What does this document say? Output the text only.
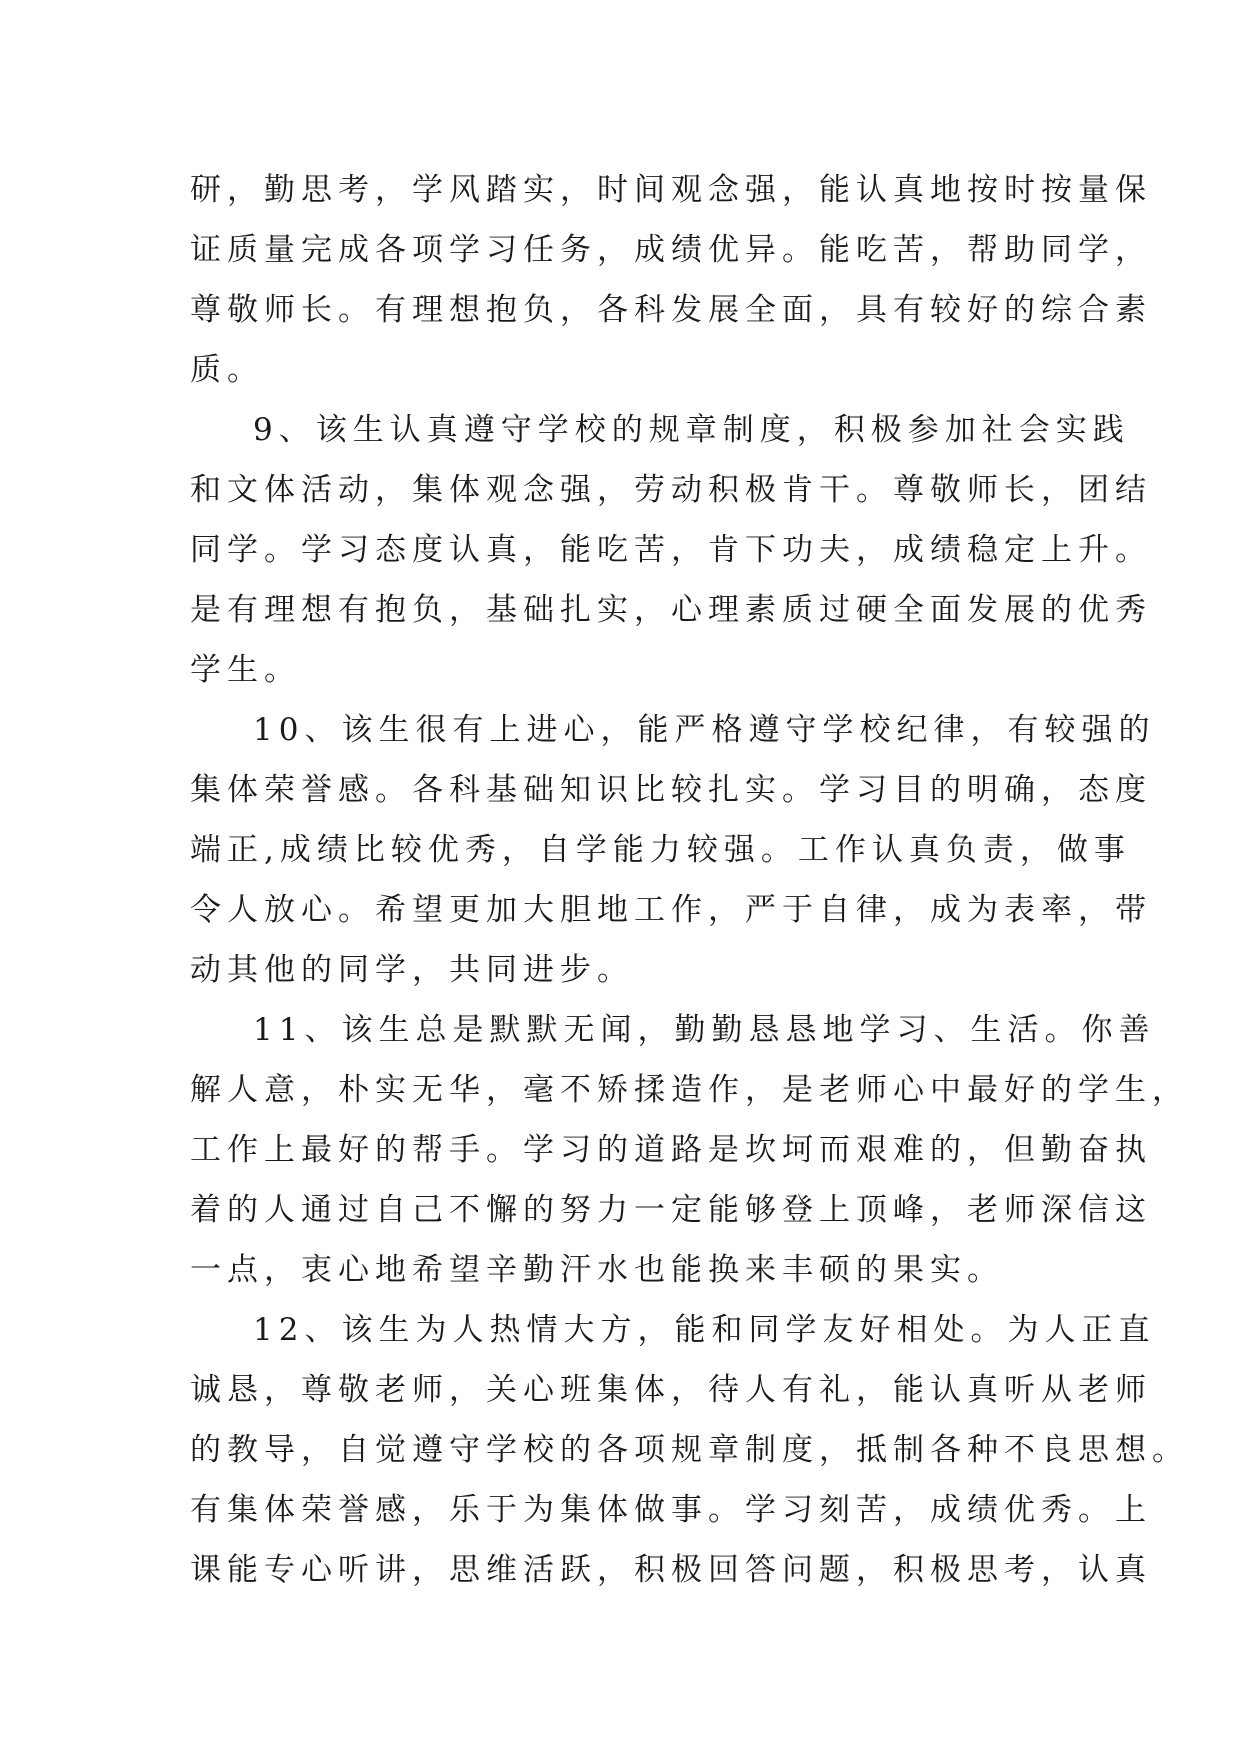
研，勤思考，学风踏实，时间观念强，能认真地按时按量保
证质量完成各项学习任务，成绩优异。能吃苦，帮助同学，
尊敬师长。有理想抱负，各科发展全面，具有较好的综合素
质。
9、该生认真遵守学校的规章制度，积极参加社会实践
和文体活动，集体观念强，劳动积极肯干。尊敬师长，团结
同学。学习态度认真，能吃苦，肯下功夫，成绩稳定上升。
是有理想有抱负，基础扎实，心理素质过硬全面发展的优秀
学生。
10、该生很有上进心，能严格遵守学校纪律，有较强的
集体荣誉感。各科基础知识比较扎实。学习目的明确，态度
端正,成绩比较优秀，自学能力较强。工作认真负责，做事
令人放心。希望更加大胆地工作，严于自律，成为表率，带
动其他的同学，共同进步。
11、该生总是默默无闻，勤勤恳恳地学习、生活。你善
解人意，朴实无华，毫不矫揉造作，是老师心中最好的学生，
工作上最好的帮手。学习的道路是坎坷而艰难的，但勤奋执
着的人通过自己不懈的努力一定能够登上顶峰，老师深信这
一点，衷心地希望辛勤汗水也能换来丰硕的果实。
12、该生为人热情大方，能和同学友好相处。为人正直
诚恳，尊敬老师，关心班集体，待人有礼，能认真听从老师
的教导，自觉遵守学校的各项规章制度，抵制各种不良思想。
有集体荣誉感，乐于为集体做事。学习刻苦，成绩优秀。上
课能专心听讲，思维活跃，积极回答问题，积极思考，认真
